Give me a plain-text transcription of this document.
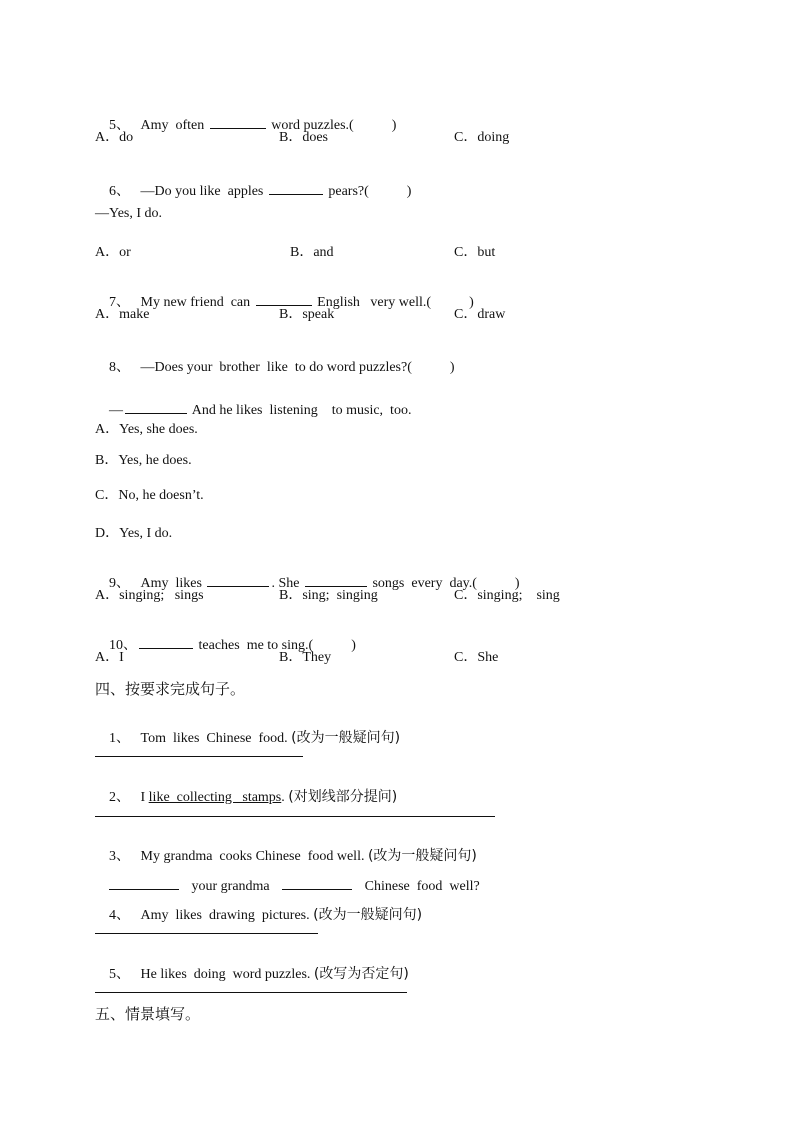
5、 Amy  often	word puzzles.(	)

A．do	B．does	C．doing

6、 —Do you like  apples	pears?(	)

—Yes, I do.
A．or	B．and	C．but

7、 My new friend  can	English   very well.(	)

A．make	B．speak	C．draw

8、 —Does your  brother  like  to do word puzzles?(	)

—	And he likes  listening    to music,  too.

A．Yes, she does.
B．Yes, he does.
C．No, he doesn’t.
D．Yes, I do.

9、 Amy  likes	. She	songs  every  day.(	)

A．singing;   sings	B．sing;  singing	C．singing;    sing

10、	teaches  me to sing.(	)

A．I	B．They	C．She
四、按要求完成句子。

1、 Tom  likes  Chinese  food. (改为一般疑问句)

2、 I like  collecting   stamps. (对划线部分提问)

3、 My grandma  cooks Chinese  food well. (改为一般疑问句)

your grandma	Chinese  food  well?

4、 Amy  likes  drawing  pictures. (改为一般疑问句)

5、 He likes  doing  word puzzles. (改写为否定句)

五、情景填写。
